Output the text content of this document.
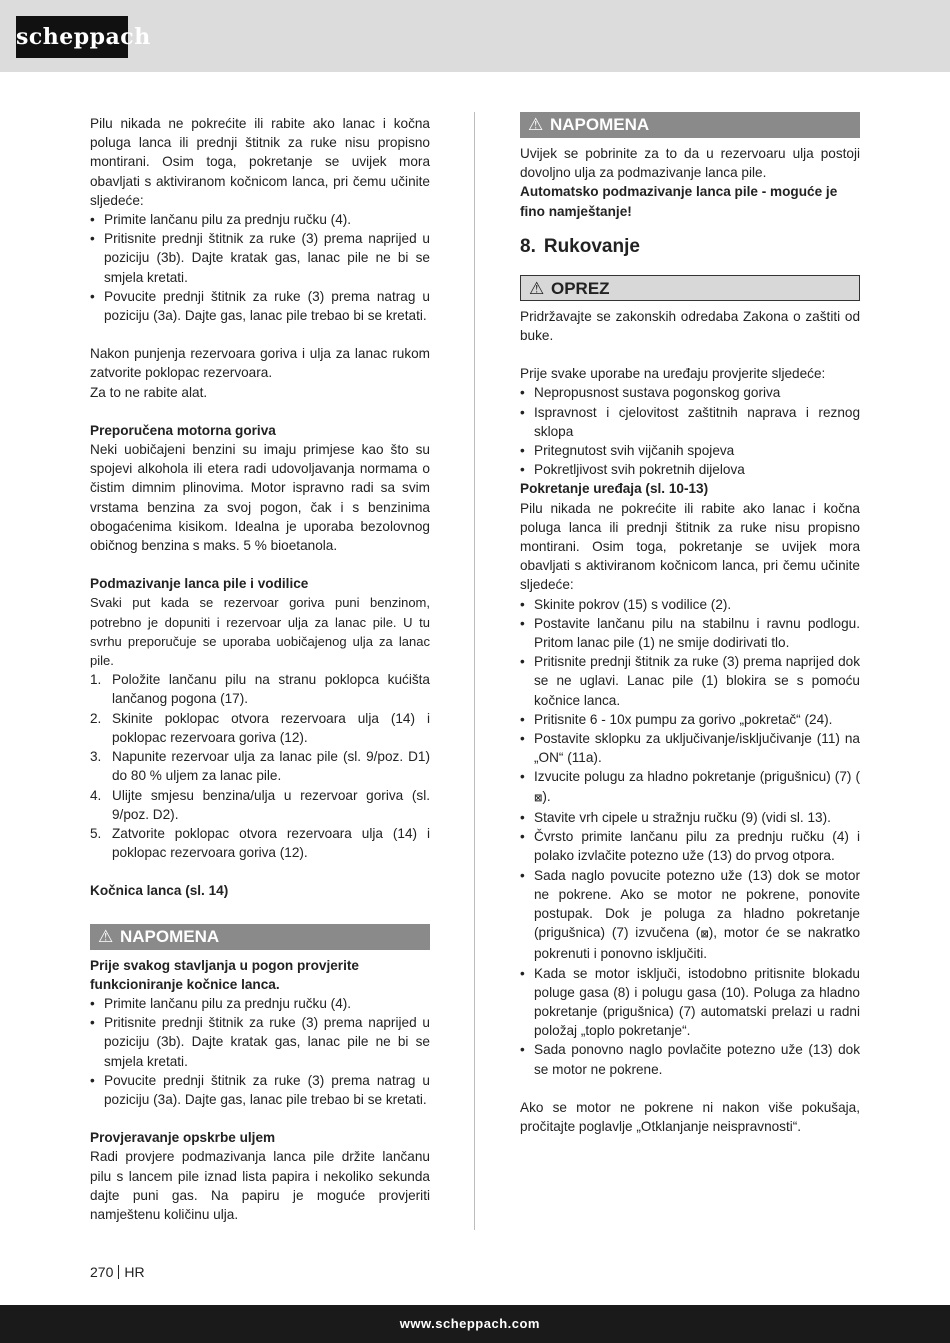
scheppach

Pilu nikada ne pokrećite ili rabite ako lanac i kočna poluga lanca ili prednji štitnik za ruke nisu propisno montirani. Osim toga, pokretanje se uvijek mora obavljati s aktiviranom kočnicom lanca, pri čemu učinite sljedeće:

• Primite lančanu pilu za prednju ručku (4).
• Pritisnite prednji štitnik za ruke (3) prema naprijed u poziciju (3b). Dajte kratak gas, lanac pile ne bi se smjela kretati.
• Povucite prednji štitnik za ruke (3) prema natrag u poziciju (3a). Dajte gas, lanac pile trebao bi se kretati.

Nakon punjenja rezervoara goriva i ulja za lanac rukom zatvorite poklopac rezervoara.

Za to ne rabite alat.

Preporučena motorna goriva

Neki uobičajeni benzini su imaju primjese kao što su spojevi alkohola ili etera radi udovoljavanja normama o čistim dimnim plinovima. Motor ispravno radi sa svim vrstama benzina za svoj pogon, čak i s benzinima obogaćenima kisikom. Idealna je uporaba bezolovnog običnog benzina s maks. 5 % bioetanola.

Podmazivanje lanca pile i vodilice

Svaki put kada se rezervoar goriva puni benzinom, potrebno je dopuniti i rezervoar ulja za lanac pile. U tu svrhu preporučuje se uporaba uobičajenog ulja za lanac pile.

1. Položite lančanu pilu na stranu poklopca kućišta lančanog pogona (17).
2. Skinite poklopac otvora rezervoara ulja (14) i poklopac rezervoara goriva (12).
3. Napunite rezervoar ulja za lanac pile (sl. 9/poz. D1) do 80 % uljem za lanac pile.
4. Ulijte smjesu benzina/ulja u rezervoar goriva (sl. 9/poz. D2).
5. Zatvorite poklopac otvora rezervoara ulja (14) i poklopac rezervoara goriva (12).

Kočnica lanca (sl. 14)

⚠ NAPOMENA

Prije svakog stavljanja u pogon provjerite funkcioniranje kočnice lanca.

• Primite lančanu pilu za prednju ručku (4).
• Pritisnite prednji štitnik za ruke (3) prema naprijed u poziciju (3b). Dajte kratak gas, lanac pile ne bi se smjela kretati.
• Povucite prednji štitnik za ruke (3) prema natrag u poziciju (3a). Dajte gas, lanac pile trebao bi se kretati.

Provjeravanje opskrbe uljem

Radi provjere podmazivanja lanca pile držite lančanu pilu s lancem pile iznad lista papira i nekoliko sekunda dajte puni gas. Na papiru je moguće provjeriti namještenu količinu ulja.

⚠ NAPOMENA

Uvijek se pobrinite za to da u rezervoaru ulja postoji dovoljno ulja za podmazivanje lanca pile.

Automatsko podmazivanje lanca pile - moguće je fino namještanje!

8. Rukovanje
⚠ OPREZ

Pridržavajte se zakonskih odredaba Zakona o zaštiti od buke.

Prije svake uporabe na uređaju provjerite sljedeće:

• Nepropusnost sustava pogonskog goriva
• Ispravnost i cjelovitost zaštitnih naprava i reznog sklopa
• Pritegnutost svih vijčanih spojeva
• Pokretljivost svih pokretnih dijelova

Pokretanje uređaja (sl. 10-13)

Pilu nikada ne pokrećite ili rabite ako lanac i kočna poluga lanca ili prednji štitnik za ruke nisu propisno montirani. Osim toga, pokretanje se uvijek mora obavljati s aktiviranom kočnicom lanca, pri čemu učinite sljedeće:

• Skinite pokrov (15) s vodilice (2).
• Postavite lančanu pilu na stabilnu i ravnu podlogu. Pritom lanac pile (1) ne smije dodirivati tlo.
• Pritisnite prednji štitnik za ruke (3) prema naprijed dok se ne uglavi. Lanac pile (1) blokira se s pomoću kočnice lanca.
• Pritisnite 6 - 10x pumpu za gorivo „pokretač“ (24).
• Postavite sklopku za uključivanje/isključivanje (11) na „ON“ (11a).
• Izvucite polugu za hladno pokretanje (prigušnicu) (7) (⊠).
• Stavite vrh cipele u stražnju ručku (9) (vidi sl. 13).
• Čvrsto primite lančanu pilu za prednju ručku (4) i polako izvlačite potezno uže (13) do prvog otpora.
• Sada naglo povucite potezno uže (13) dok se motor ne pokrene. Ako se motor ne pokrene, ponovite postupak. Dok je poluga za hladno pokretanje (prigušnica) (7) izvučena (⊠), motor će se nakratko pokrenuti i ponovno isključiti.
• Kada se motor isključi, istodobno pritisnite blokadu poluge gasa (8) i polugu gasa (10). Poluga za hladno pokretanje (prigušnica) (7) automatski prelazi u radni položaj „toplo pokretanje“.
• Sada ponovno naglo povlačite potezno uže (13) dok se motor ne pokrene.

Ako se motor ne pokrene ni nakon više pokušaja, pročitajte poglavlje „Otklanjanje neispravnosti“.

270 HR
www.scheppach.com
